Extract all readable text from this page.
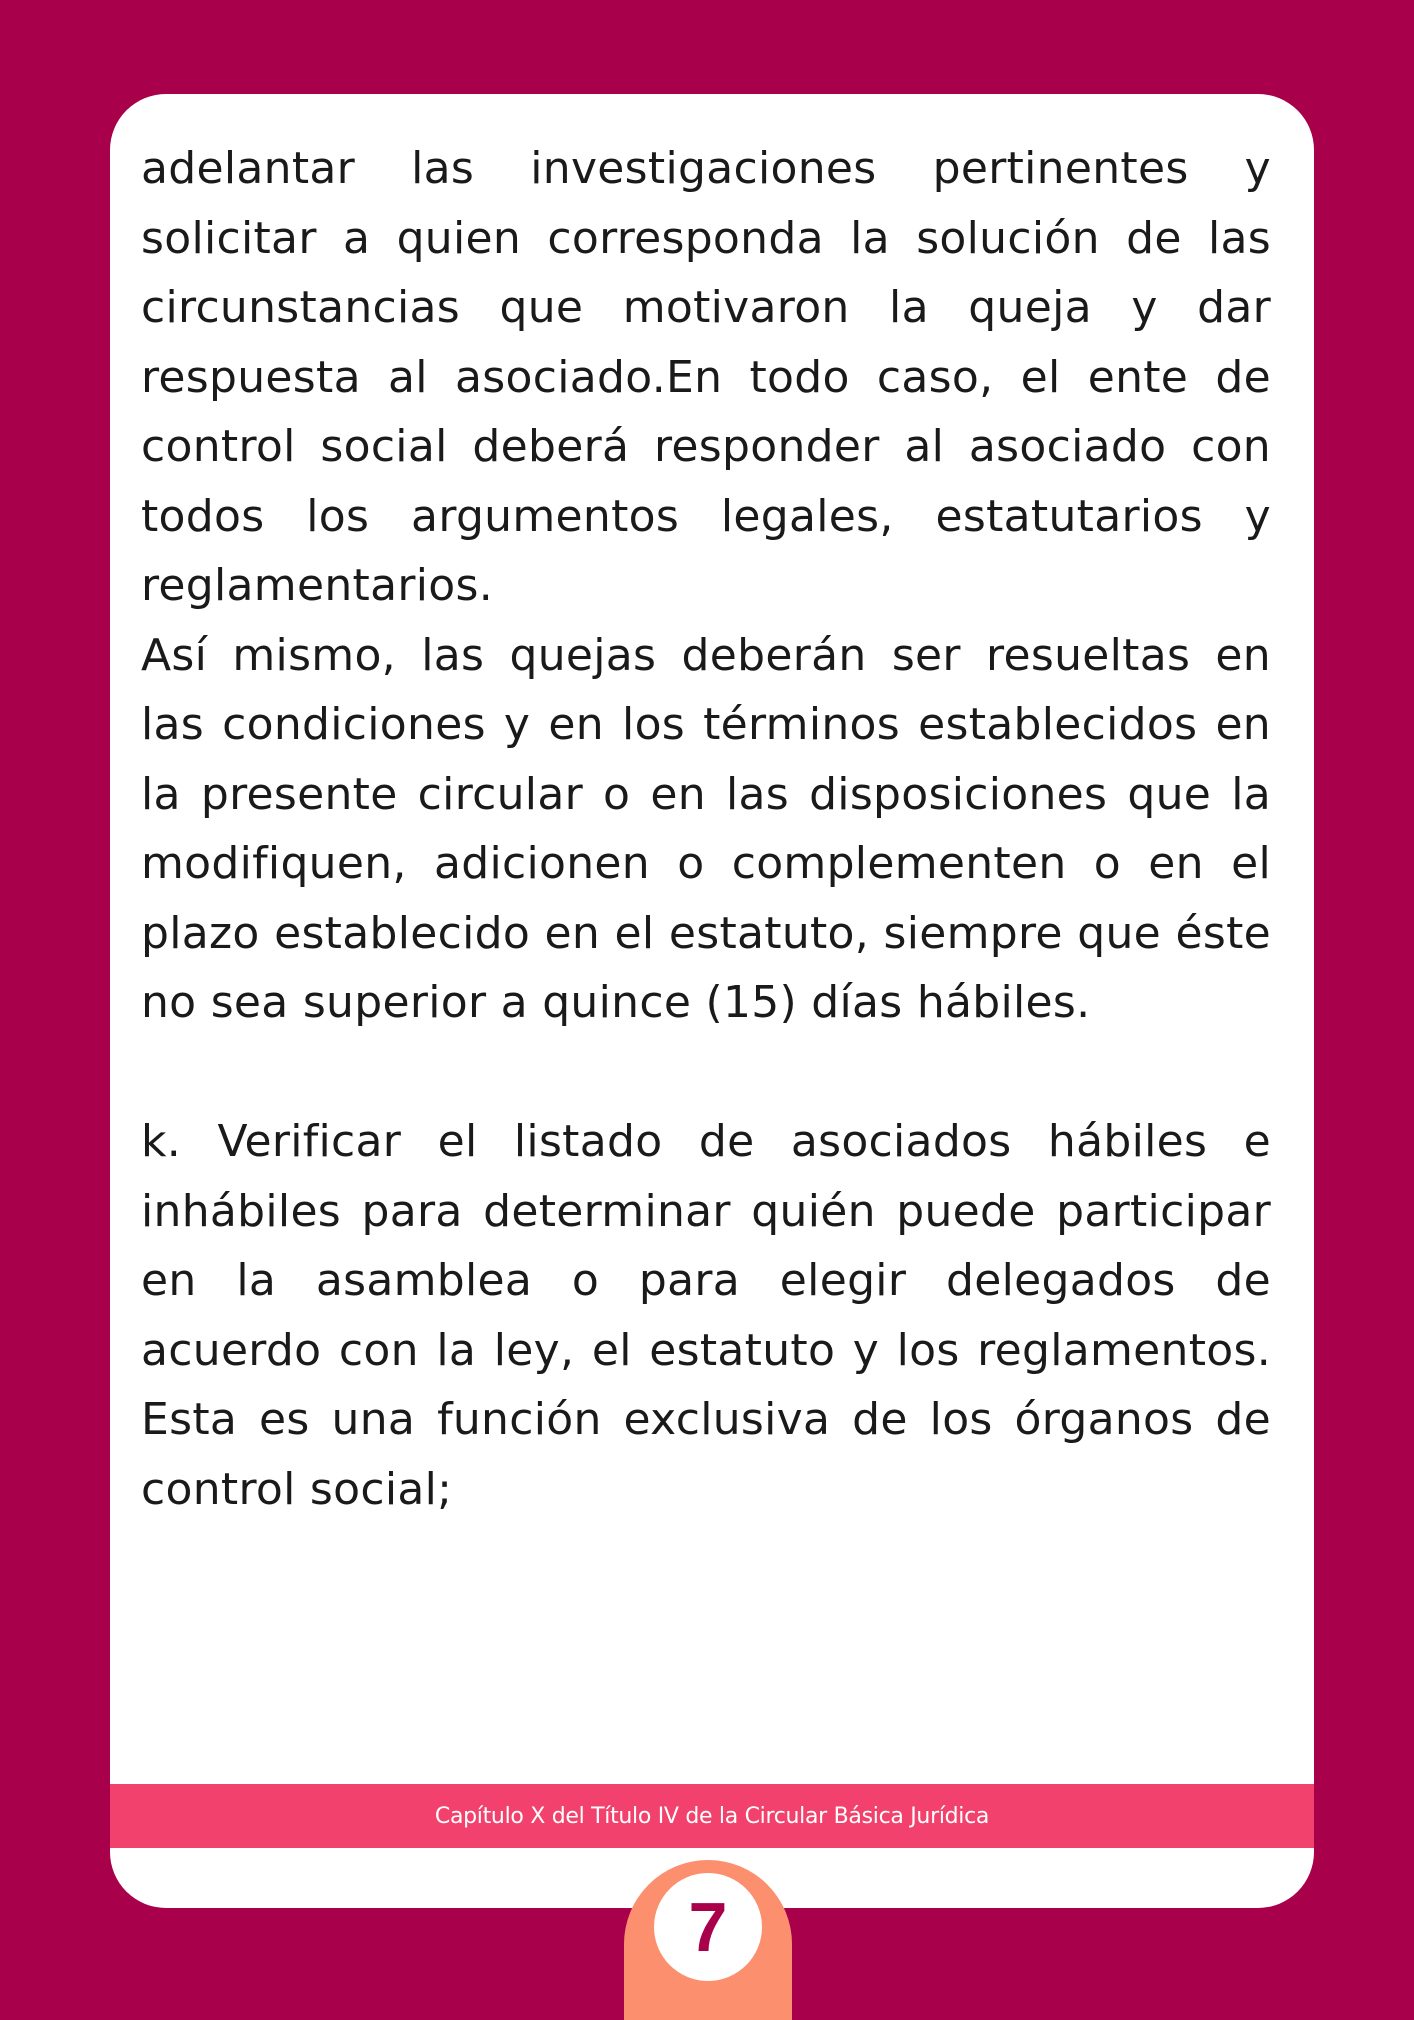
adelantar las investigaciones pertinentes y solicitar a quien corresponda la solución de las circunstancias que motivaron la queja y dar respuesta al asociado.En todo caso, el ente de control social deberá responder al asociado con todos los argumentos legales, estatutarios y reglamentarios.

Así mismo, las quejas deberán ser resueltas en las condiciones y en los términos establecidos en la presente circular o en las disposiciones que la modifiquen, adicionen o complementen o en el plazo establecido en el estatuto, siempre que éste no sea superior a quince (15) días hábiles.

k. Verificar el listado de asociados hábiles e inhábiles para determinar quién puede participar en la asamblea o para elegir delegados de acuerdo con la ley, el estatuto y los reglamentos. Esta es una función exclusiva de los órganos de control social;

Capítulo X del Título IV de la Circular Básica Jurídica
7
